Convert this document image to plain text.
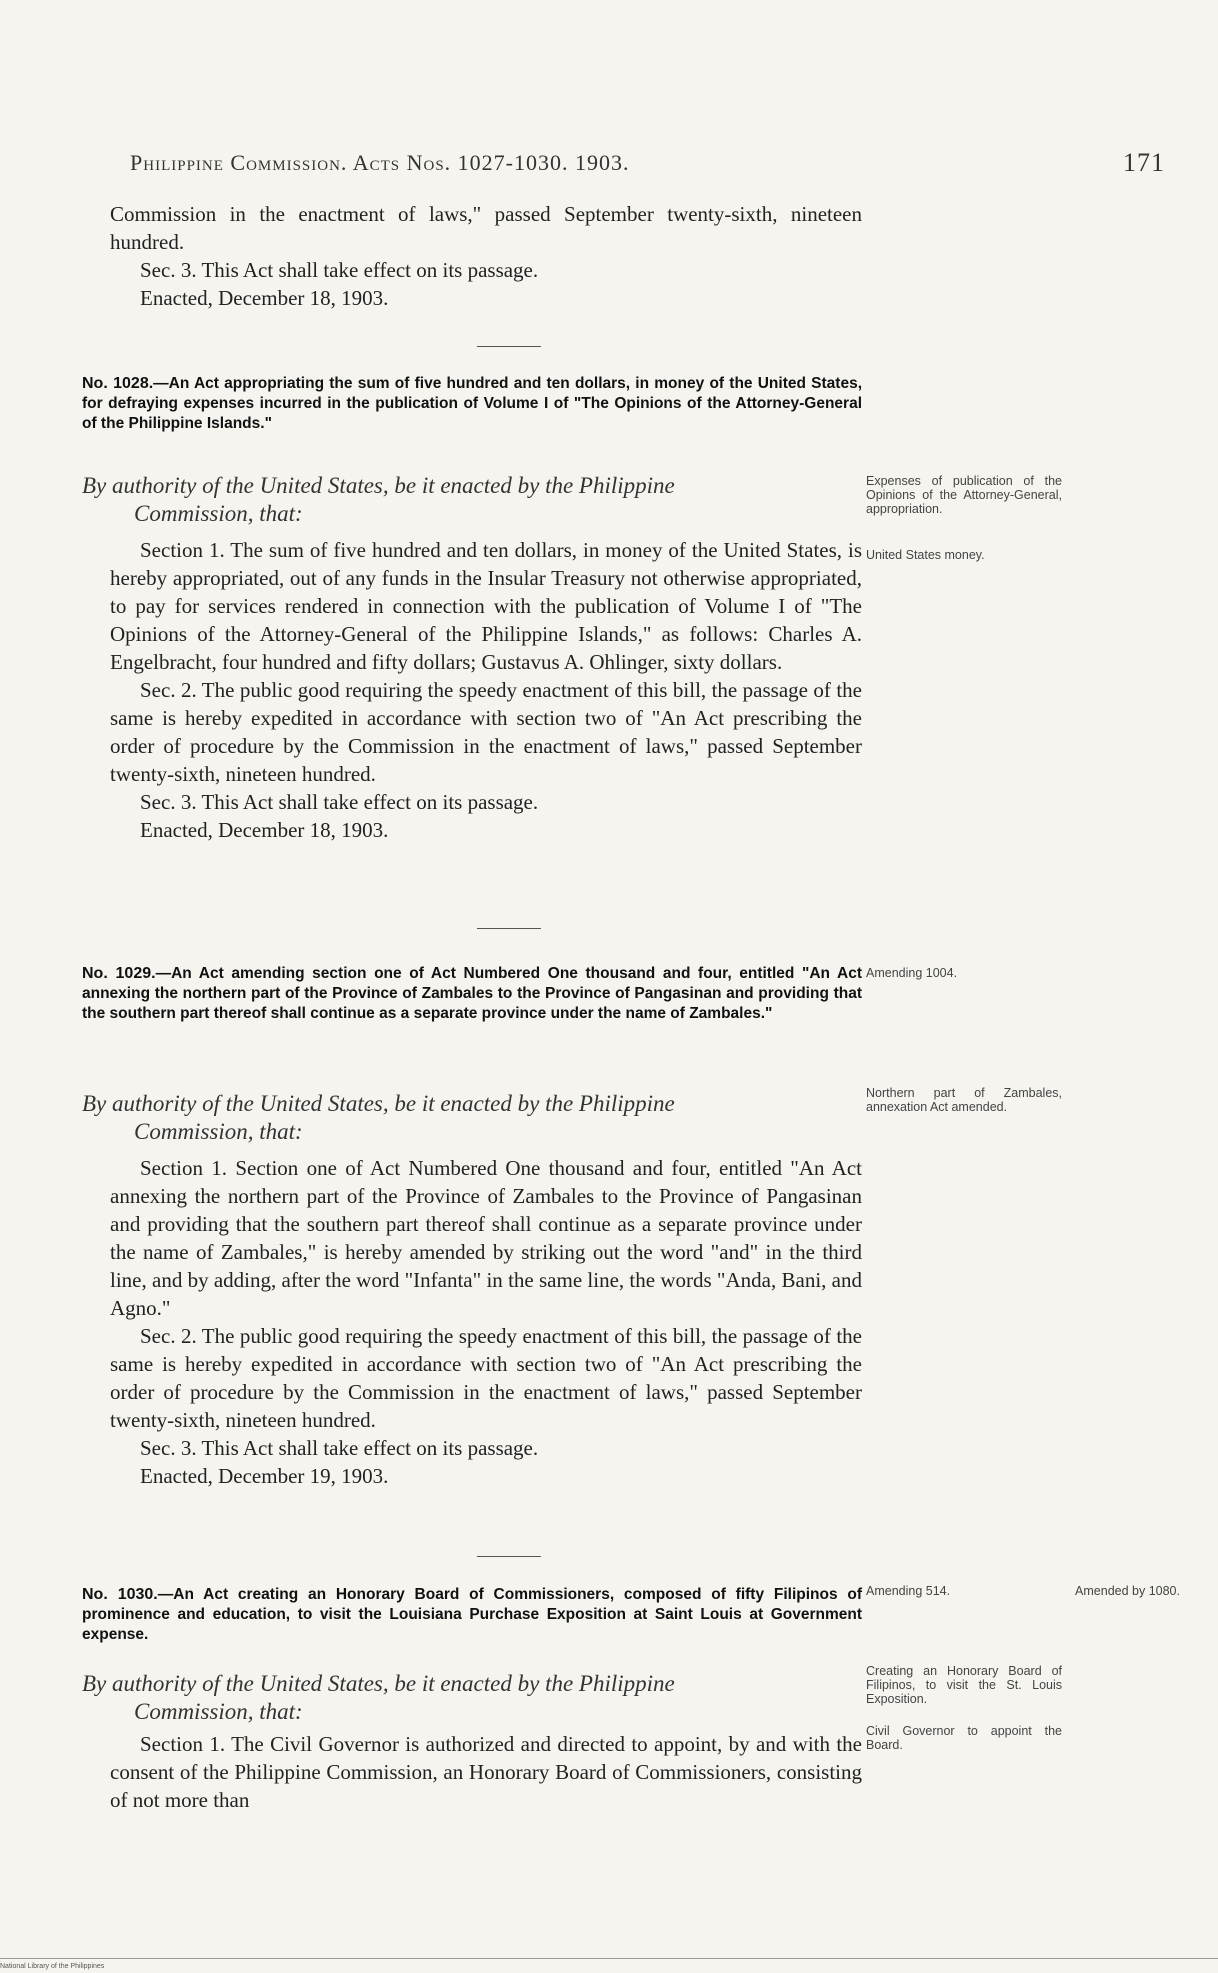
Philippine Commission. Acts Nos. 1027-1030. 1903.	171

Commission in the enactment of laws," passed September twenty-sixth, nineteen hundred.

Sec. 3. This Act shall take effect on its passage.

Enacted, December 18, 1903.

No. 1028.—An Act appropriating the sum of five hundred and ten dollars, in money of the United States, for defraying expenses incurred in the publication of Volume I of "The Opinions of the Attorney-General of the Philippine Islands."
By authority of the United States, be it enacted by the Philippine
Commission, that:

Section 1. The sum of five hundred and ten dollars, in money of the United States, is hereby appropriated, out of any funds in the Insular Treasury not otherwise appropriated, to pay for services rendered in connection with the publication of Volume I of "The Opinions of the Attorney-General of the Philippine Islands," as follows: Charles A. Engelbracht, four hundred and fifty dollars; Gustavus A. Ohlinger, sixty dollars.

Sec. 2. The public good requiring the speedy enactment of this bill, the passage of the same is hereby expedited in accordance with section two of "An Act prescribing the order of procedure by the Commission in the enactment of laws," passed September twenty-sixth, nineteen hundred.

Sec. 3. This Act shall take effect on its passage.

Enacted, December 18, 1903.

Expenses of publication of the Opinions of the Attorney-General, appropriation.
United States money.
No. 1029.—An Act amending section one of Act Numbered One thousand and four, entitled "An Act annexing the northern part of the Province of Zambales to the Province of Pangasinan and providing that the southern part thereof shall continue as a separate province under the name of Zambales."
Amending 1004.
By authority of the United States, be it enacted by the Philippine
Commission, that:
Northern part of Zambales, annexation Act amended.

Section 1. Section one of Act Numbered One thousand and four, entitled "An Act annexing the northern part of the Province of Zambales to the Province of Pangasinan and providing that the southern part thereof shall continue as a separate province under the name of Zambales," is hereby amended by striking out the word "and" in the third line, and by adding, after the word "Infanta" in the same line, the words "Anda, Bani, and Agno."

Sec. 2. The public good requiring the speedy enactment of this bill, the passage of the same is hereby expedited in accordance with section two of "An Act prescribing the order of procedure by the Commission in the enactment of laws," passed September twenty-sixth, nineteen hundred.

Sec. 3. This Act shall take effect on its passage.

Enacted, December 19, 1903.

No. 1030.—An Act creating an Honorary Board of Commissioners, composed of fifty Filipinos of prominence and education, to visit the Louisiana Purchase Exposition at Saint Louis at Government expense.
Amending 514.	Amended by 1080.
By authority of the United States, be it enacted by the Philippine
Commission, that:
Creating an Honorary Board of Filipinos, to visit the St. Louis Exposition.
Civil Governor to appoint the Board.

Section 1. The Civil Governor is authorized and directed to appoint, by and with the consent of the Philippine Commission, an Honorary Board of Commissioners, consisting of not more than

National Library of the Philippines
